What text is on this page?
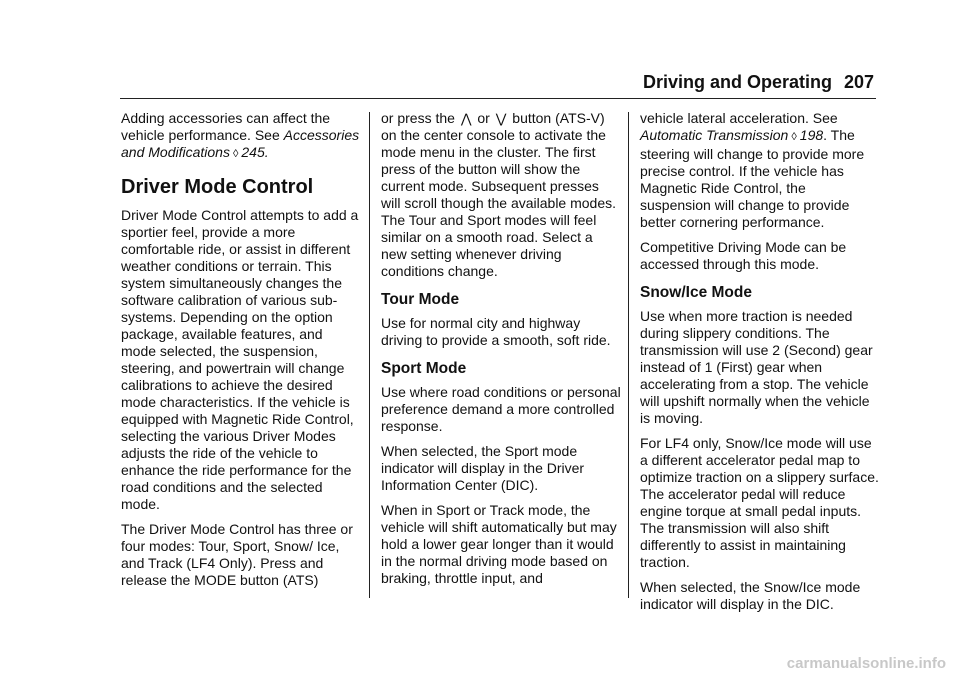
Driving and Operating 207

Adding accessories can affect the vehicle performance. See Accessories and Modifications ◊ 245.

Driver Mode Control

Driver Mode Control attempts to add a sportier feel, provide a more comfortable ride, or assist in different weather conditions or terrain. This system simultaneously changes the software calibration of various sub-systems. Depending on the option package, available features, and mode selected, the suspension, steering, and powertrain will change calibrations to achieve the desired mode characteristics. If the vehicle is equipped with Magnetic Ride Control, selecting the various Driver Modes adjusts the ride of the vehicle to enhance the ride performance for the road conditions and the selected mode.

The Driver Mode Control has three or four modes: Tour, Sport, Snow/ Ice, and Track (LF4 Only). Press and release the MODE button (ATS)

or press the ⋀ or ⋁ button (ATS-V) on the center console to activate the mode menu in the cluster. The first press of the button will show the current mode. Subsequent presses will scroll though the available modes. The Tour and Sport modes will feel similar on a smooth road. Select a new setting whenever driving conditions change.

Tour Mode

Use for normal city and highway driving to provide a smooth, soft ride.

Sport Mode

Use where road conditions or personal preference demand a more controlled response.

When selected, the Sport mode indicator will display in the Driver Information Center (DIC).

When in Sport or Track mode, the vehicle will shift automatically but may hold a lower gear longer than it would in the normal driving mode based on braking, throttle input, and

vehicle lateral acceleration. See Automatic Transmission ◊ 198. The steering will change to provide more precise control. If the vehicle has Magnetic Ride Control, the suspension will change to provide better cornering performance.

Competitive Driving Mode can be accessed through this mode.

Snow/Ice Mode

Use when more traction is needed during slippery conditions. The transmission will use 2 (Second) gear instead of 1 (First) gear when accelerating from a stop. The vehicle will upshift normally when the vehicle is moving.

For LF4 only, Snow/Ice mode will use a different accelerator pedal map to optimize traction on a slippery surface. The accelerator pedal will reduce engine torque at small pedal inputs. The transmission will also shift differently to assist in maintaining traction.

When selected, the Snow/Ice mode indicator will display in the DIC.

carmanualsonline.info
